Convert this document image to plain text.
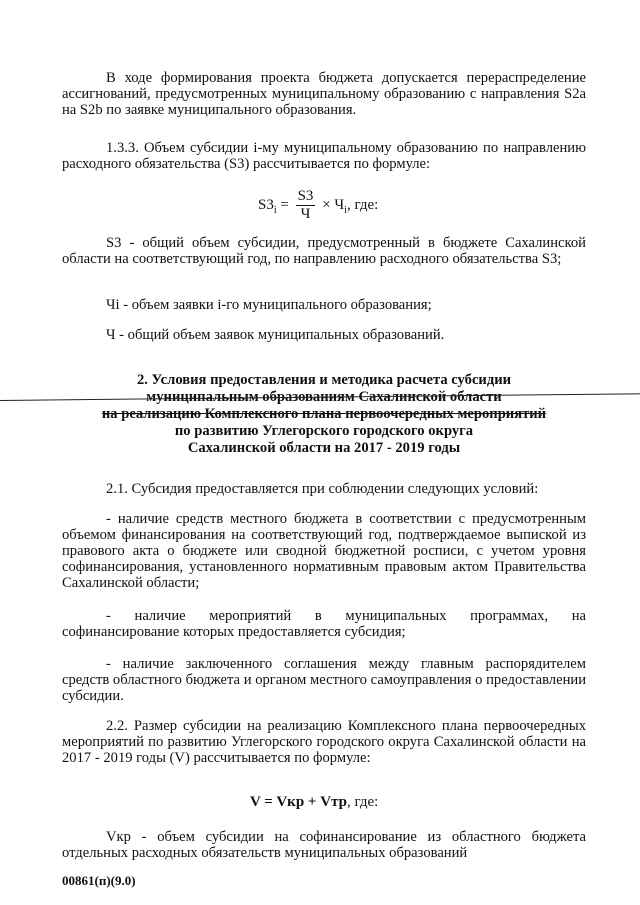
В ходе формирования проекта бюджета допускается перераспределение ассигнований, предусмотренных муниципальному образованию с направления S2a на S2b по заявке муниципального образования.

1.3.3. Объем субсидии i-му муниципальному образованию по направлению расходного обязательства (S3) рассчитывается по формуле:

$S3_i = \frac{S3}{Ч} \times Ч_i$, где:

S3 - общий объем субсидии, предусмотренный в бюджете Сахалинской области на соответствующий год, по направлению расходного обязательства S3;

Чi - объем заявки i-го муниципального образования;

Ч - общий объем заявок муниципальных образований.

2. Условия предоставления и методика расчета субсидии
муниципальным образованиям Сахалинской области
на реализацию Комплексного плана первоочередных мероприятий
по развитию Углегорского городского округа
Сахалинской области на 2017 - 2019 годы

2.1. Субсидия предоставляется при соблюдении следующих условий:

- наличие средств местного бюджета в соответствии с предусмотренным объемом финансирования на соответствующий год, подтверждаемое выпиской из правового акта о бюджете или сводной бюджетной росписи, с учетом уровня софинансирования, установленного нормативным правовым актом Правительства Сахалинской области;

- наличие мероприятий в муниципальных программах, на софинансирование которых предоставляется субсидия;

- наличие заключенного соглашения между главным распорядителем средств областного бюджета и органом местного самоуправления о предоставлении субсидии.

2.2. Размер субсидии на реализацию Комплексного плана первоочередных мероприятий по развитию Углегорского городского округа Сахалинской области на 2017 - 2019 годы (V) рассчитывается по формуле:

V = Vкр + Vтр, где:

Vкр - объем субсидии на софинансирование из областного бюджета отдельных расходных обязательств муниципальных образований

00861(п)(9.0)
